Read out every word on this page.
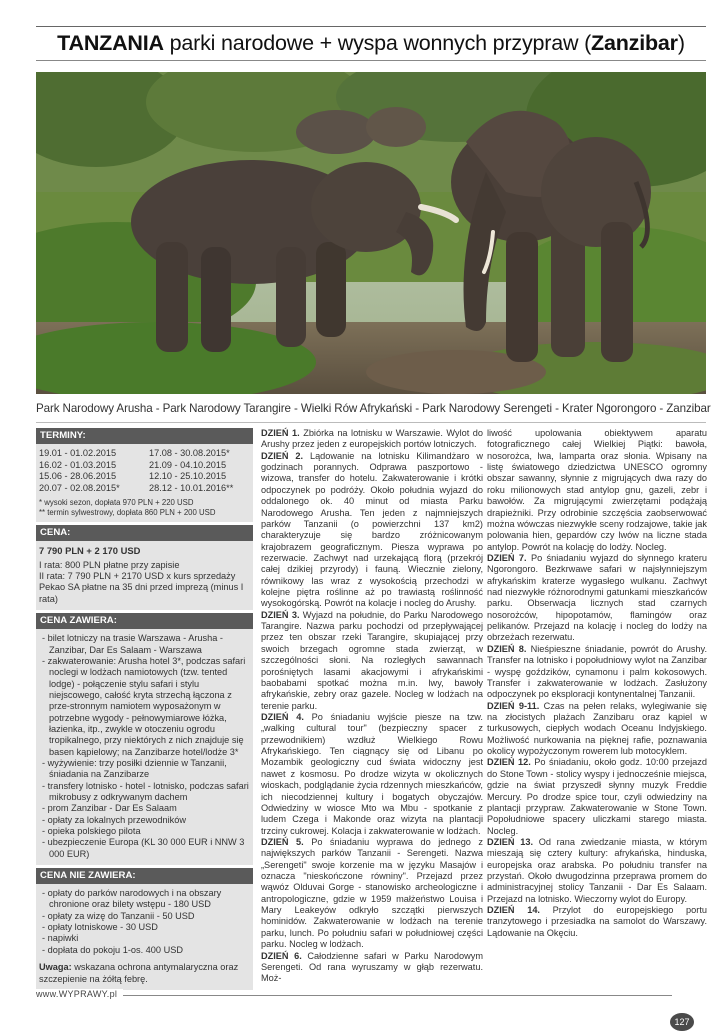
TANZANIA parki narodowe + wyspa wonnych przypraw (Zanzibar)
Park Narodowy Arusha - Park Narodowy Tarangire - Wielki Rów Afrykański - Park Narodowy Serengeti - Krater Ngorongoro - Zanzibar
TERMINY:
19.01 - 01.02.2015	17.08 - 30.08.2015*
16.02 - 01.03.2015	21.09 - 04.10.2015
15.06 - 28.06.2015	12.10 - 25.10.2015
20.07 - 02.08.2015*	28.12 - 10.01.2016**
* wysoki sezon, dopłata 970 PLN + 220 USD
** termin sylwestrowy, dopłata 860 PLN + 200 USD
CENA:
7 790 PLN + 2 170 USD
I rata: 800 PLN płatne przy zapisie
II rata: 7 790 PLN + 2170 USD x kurs sprzedaży Pekao SA płatne na 35 dni przed imprezą (minus I rata)
CENA ZAWIERA:
- bilet lotniczy na trasie Warszawa - Arusha - Zanzibar, Dar Es Salaam - Warszawa
- zakwaterowanie: Arusha hotel 3*, podczas safari noclegi w lodżach namiotowych (tzw. tented lodge) - połączenie stylu safari i stylu niejscowego, całość kryta strzechą łączona z prze-stronnym namiotem wyposażonym w potrzebne wygody - pełnowymiarowe łóżka, łazienka, itp., zwykle w otoczeniu ogrodu tropikalnego, przy niektórych z nich znajduje się basen kąpielowy; na Zanzibarze hotel/lodże 3*
- wyżywienie: trzy posiłki dziennie w Tanzanii, śniadania na Zanzibarze
- transfery lotnisko - hotel - lotnisko, podczas safari mikrobusy z odkrywanym dachem
- prom Zanzibar - Dar Es Salaam
- opłaty za lokalnych przewodników
- opieka polskiego pilota
- ubezpieczenie Europa (KL 30 000 EUR i NNW 3 000 EUR)
CENA NIE ZAWIERA:
- opłaty do parków narodowych i na obszary chronione oraz bilety wstępu - 180 USD
- opłaty za wizę do Tanzanii - 50 USD
- opłaty lotniskowe - 30 USD
- napiwki
- dopłata do pokoju 1-os. 400 USD
Uwaga: wskazana ochrona antymalaryczna oraz szczepienie na żółtą febrę.
DZIEŃ 1. Zbiórka na lotnisku w Warszawie. Wylot do Arushy przez jeden z europejskich portów lotniczych.
DZIEŃ 2. Lądowanie na lotnisku Kilimandżaro w godzinach porannych. Odprawa paszportowo - wizowa, transfer do hotelu. Zakwaterowanie i krótki odpoczynek po podróży. Około południa wyjazd do oddalonego ok. 40 minut od miasta Parku Narodowego Arusha. Ten jeden z najmniejszych parków Tanzanii (o powierzchni 137 km2) charakteryzuje się bardzo zróżnicowanym krajobrazem geograficznym. Piesza wyprawa po rezerwacie. Zachwyt nad urzekającą florą (przekrój całej dzikiej przyrody) i fauną. Wiecznie zielony, równikowy las wraz z wysokością przechodzi w kolejne piętra roślinne aż po trawiastą roślinność wysokogórską. Powrót na kolacje i nocleg do Arushy.
DZIEŃ 3. Wyjazd na południe, do Parku Narodowego Tarangire. Nazwa parku pochodzi od przepływającej przez ten obszar rzeki Tarangire, skupiającej przy swoich brzegach ogromne stada zwierząt, w szczególności słoni. Na rozległych sawannach porośniętych lasami akacjowymi i afrykańskimi baobabami spotkać można m.in. lwy, bawoły afrykańskie, zebry oraz gazele. Nocleg w lodżach na terenie parku.
DZIEŃ 4. Po śniadaniu wyjście piesze na tzw. „walking cultural tour" (bezpieczny spacer z przewodnikiem) wzdłuż Wielkiego Rowu Afrykańskiego. Ten ciągnący się od Libanu po Mozambik geologiczny cud świata widoczny jest nawet z kosmosu. Po drodze wizyta w okolicznych wioskach, podglądanie życia rdzennych mieszkańców, ich niecodziennej kultury i bogatych obyczajów. Odwiedziny w wiosce Mto wa Mbu - spotkanie z ludem Czega i Makonde oraz wizyta na plantacji trzciny cukrowej. Kolacja i zakwaterowanie w lodżach.
DZIEŃ 5. Po śniadaniu wyprawa do jednego z największych parków Tanzanii - Serengeti. Nazwa „Serengeti" swoje korzenie ma w języku Masajów i oznacza "nieskończone równiny". Przejazd przez wąwóz Olduvai Gorge - stanowisko archeologiczne i antropologiczne, gdzie w 1959 małżeństwo Louisa i Mary Leakeyów odkryło szczątki pierwszych hominidów. Zakwaterowanie w lodżach na terenie parku, lunch. Po południu safari w południowej części parku. Nocleg w lodżach.
DZIEŃ 6. Całodzienne safari w Parku Narodowym Serengeti. Od rana wyruszamy w głąb rezerwatu. Moż-
liwość upolowania obiektywem aparatu fotograficznego całej Wielkiej Piątki: bawoła, nosorożca, lwa, lamparta oraz słonia. Wpisany na listę światowego dziedzictwa UNESCO ogromny obszar sawanny, słynnie z migrujących dwa razy do roku milionowych stad antylop gnu, gazeli, zebr i bawołów. Za migrującymi zwierzętami podążają drapieżniki. Przy odrobinie szczęścia zaobserwować można wówczas niezwykłe sceny rodzajowe, takie jak polowania hien, gepardów czy lwów na liczne stada antylop. Powrót na kolację do lodży. Nocleg.
DZIEŃ 7. Po śniadaniu wyjazd do słynnego krateru Ngorongoro. Bezkrwawe safari w najsłynniejszym afrykańskim kraterze wygasłego wulkanu. Zachwyt nad niezwykłe różnorodnymi gatunkami mieszkańców parku. Obserwacja licznych stad czarnych nosorożców, hipopotamów, flamingów oraz pelikanów. Przejazd na kolację i nocleg do lodży na obrzeżach rezerwatu.
DZIEŃ 8. Nieśpieszne śniadanie, powrót do Arushy. Transfer na lotnisko i popołudniowy wylot na Zanzibar - wyspę goździków, cynamonu i palm kokosowych. Transfer i zakwaterowanie w lodżach. Zasłużony odpoczynek po eksploracji kontynentalnej Tanzanii.
DZIEŃ 9-11. Czas na pełen relaks, wylegiwanie się na złocistych plażach Zanzibaru oraz kąpiel w turkusowych, ciepłych wodach Oceanu Indyjskiego. Możliwość nurkowania na pięknej rafie, poznawania okolicy wypożyczonym rowerem lub motocyklem.
DZIEŃ 12. Po śniadaniu, około godz. 10:00 przejazd do Stone Town - stolicy wyspy i jednocześnie miejsca, gdzie na świat przyszedł słynny muzyk Freddie Mercury. Po drodze spice tour, czyli odwiedziny na plantacji przypraw. Zakwaterowanie w Stone Town. Popołudniowe spacery uliczkami starego miasta. Nocleg.
DZIEŃ 13. Od rana zwiedzanie miasta, w którym mieszają się cztery kultury: afrykańska, hinduska, europejska oraz arabska. Po południu transfer na przystań. Około dwugodzinna przeprawa promem do administracyjnej stolicy Tanzanii - Dar Es Salaam. Przejazd na lotnisko. Wieczorny wylot do Europy.
DZIEŃ 14. Przylot do europejskiego portu tranzytowego i przesiadka na samolot do Warszawy. Lądowanie na Okęciu.
www.WYPRAWY.pl
127
